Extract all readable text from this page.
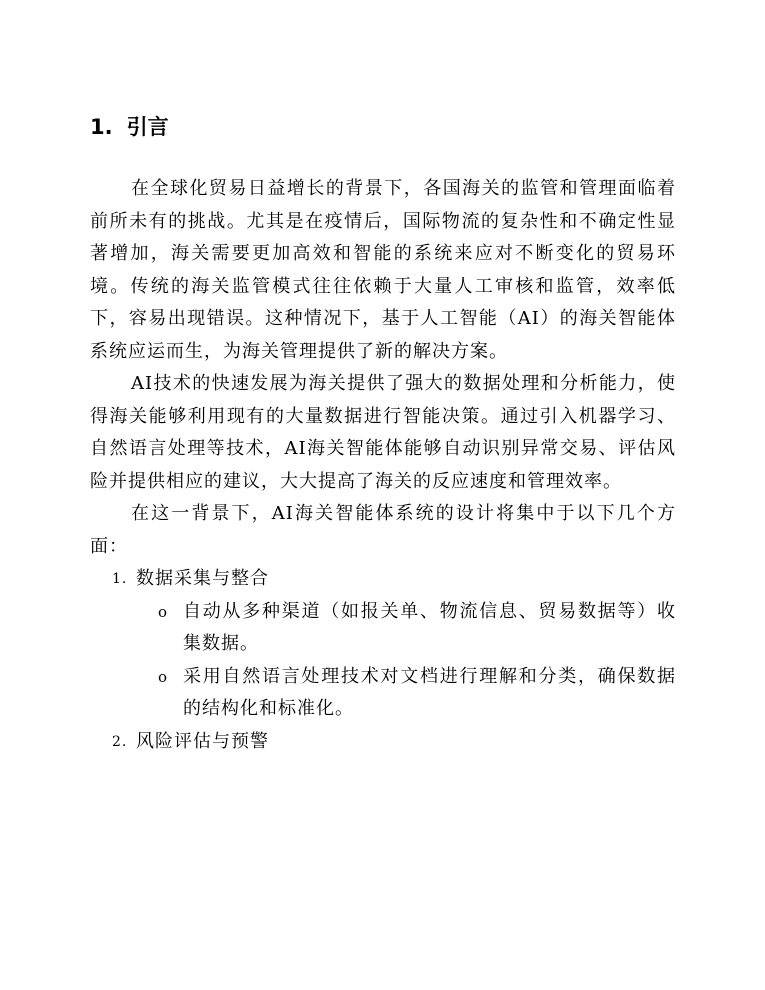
1. 引言

在全球化贸易日益增长的背景下，各国海关的监管和管理面临着前所未有的挑战。尤其是在疫情后，国际物流的复杂性和不确定性显著增加，海关需要更加高效和智能的系统来应对不断变化的贸易环境。传统的海关监管模式往往依赖于大量人工审核和监管，效率低下，容易出现错误。这种情况下，基于人工智能（AI）的海关智能体系统应运而生，为海关管理提供了新的解决方案。

AI技术的快速发展为海关提供了强大的数据处理和分析能力，使得海关能够利用现有的大量数据进行智能决策。通过引入机器学习、自然语言处理等技术，AI海关智能体能够自动识别异常交易、评估风险并提供相应的建议，大大提高了海关的反应速度和管理效率。

在这一背景下，AI海关智能体系统的设计将集中于以下几个方面：

1. 数据采集与整合
o 自动从多种渠道（如报关单、物流信息、贸易数据等）收集数据。
o 采用自然语言处理技术对文档进行理解和分类，确保数据的结构化和标准化。
2. 风险评估与预警
